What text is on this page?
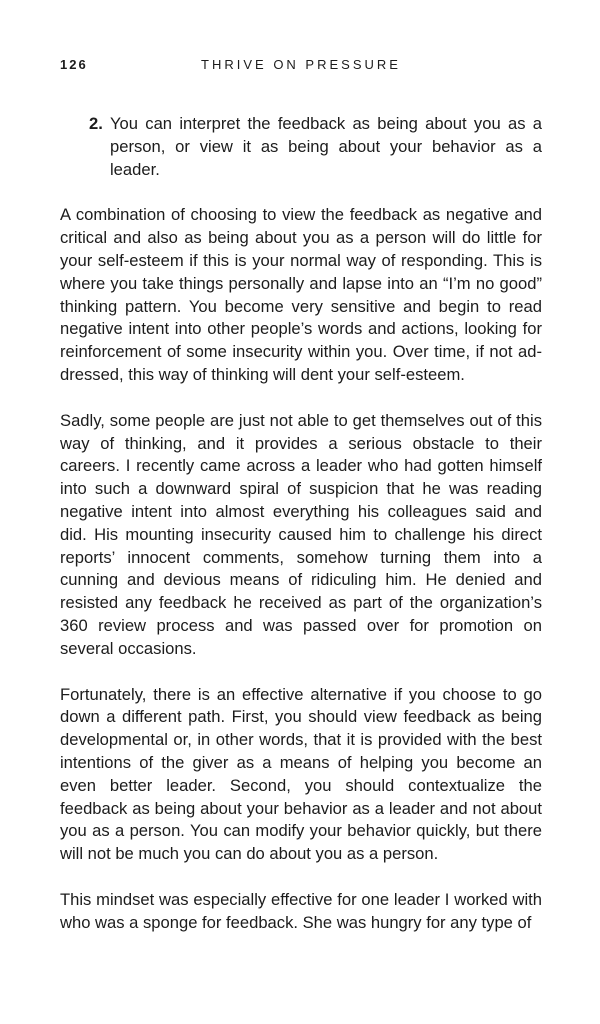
126	THRIVE ON PRESSURE
2. You can interpret the feedback as being about you as a person, or view it as being about your behavior as a leader.

A combination of choosing to view the feedback as negative and critical and also as being about you as a person will do little for your self-esteem if this is your normal way of responding. This is where you take things personally and lapse into an “I’m no good” thinking pattern. You become very sensitive and begin to read negative intent into other people’s words and actions, looking for reinforcement of some insecurity within you. Over time, if not addressed, this way of thinking will dent your self-esteem.

Sadly, some people are just not able to get themselves out of this way of thinking, and it provides a serious obstacle to their careers. I recently came across a leader who had gotten himself into such a downward spiral of suspicion that he was reading negative intent into almost everything his colleagues said and did. His mounting insecurity caused him to challenge his direct reports’ innocent comments, somehow turning them into a cunning and devious means of ridiculing him. He denied and resisted any feedback he received as part of the organization’s 360 review process and was passed over for promotion on several occasions.

Fortunately, there is an effective alternative if you choose to go down a different path. First, you should view feedback as being developmental or, in other words, that it is provided with the best intentions of the giver as a means of helping you become an even better leader. Second, you should contextualize the feedback as being about your behavior as a leader and not about you as a person. You can modify your behavior quickly, but there will not be much you can do about you as a person.

This mindset was especially effective for one leader I worked with who was a sponge for feedback. She was hungry for any type of
